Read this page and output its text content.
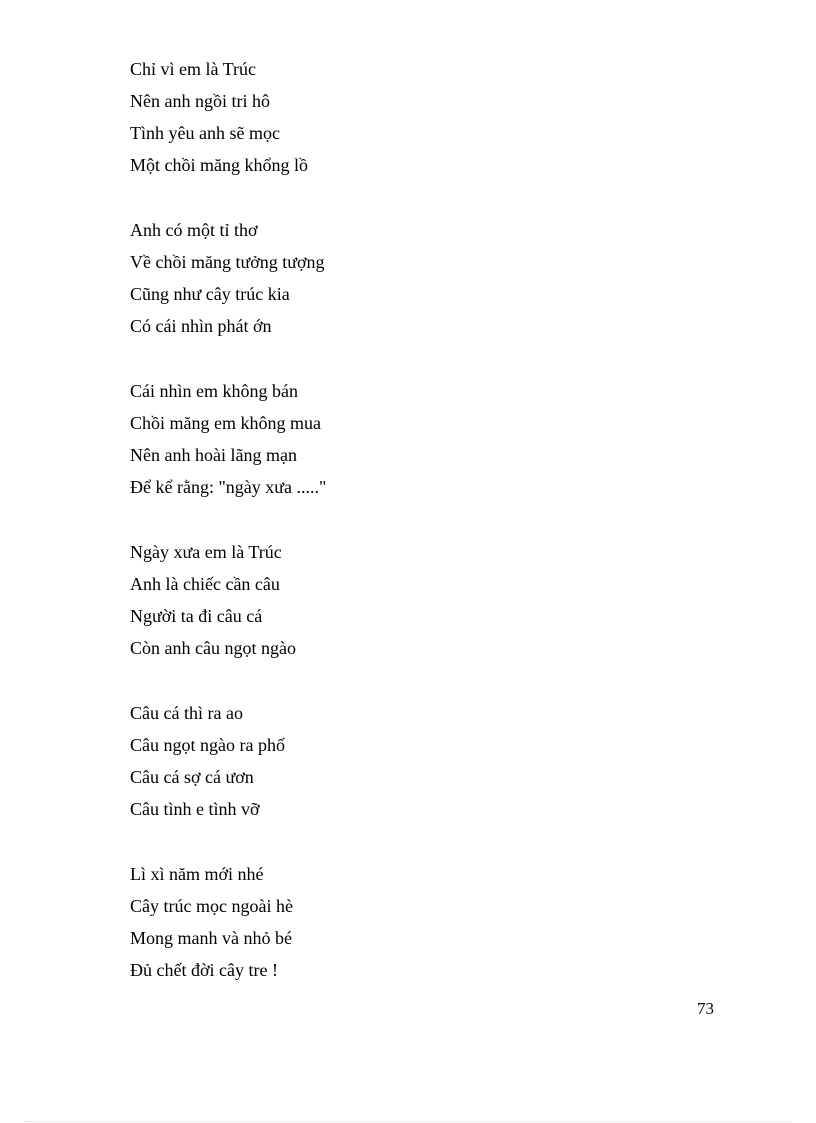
Chỉ vì em là Trúc
Nên anh ngồi tri hô
Tình yêu anh sẽ mọc
Một chồi măng khổng lồ
Anh có một tỉ thơ
Về chồi măng tưởng tượng
Cũng như cây trúc kia
Có cái nhìn phát ớn
Cái nhìn em không bán
Chồi măng em không mua
Nên anh hoài lãng mạn
Để kể rằng: "ngày xưa ....."
Ngày xưa em là Trúc
Anh là chiếc cần câu
Người ta đi câu cá
Còn anh câu ngọt ngào
Câu cá thì ra ao
Câu ngọt ngào ra phố
Câu cá sợ cá ươn
Câu tình e tình vỡ
Lì xì năm mới nhé
Cây trúc mọc ngoài hè
Mong manh và nhỏ bé
Đủ chết đời cây tre !
73
